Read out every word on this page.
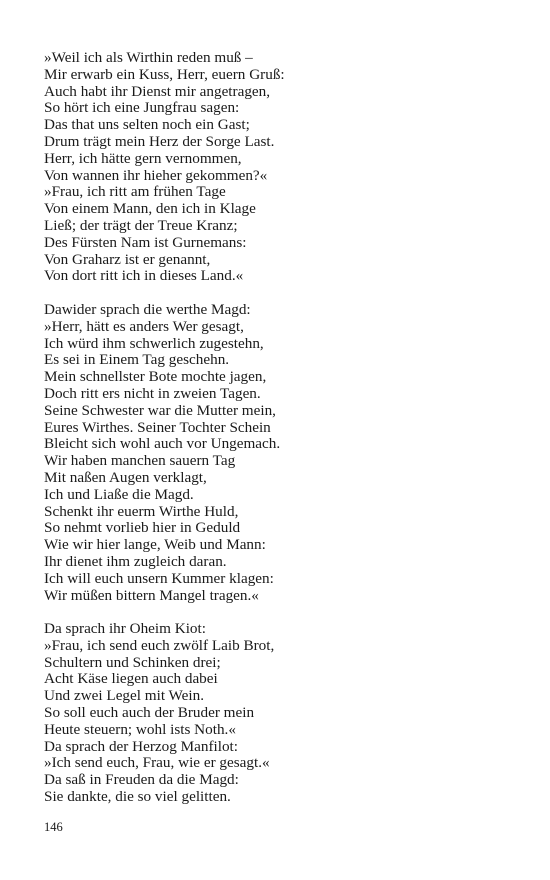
»Weil ich als Wirthin reden muß –
Mir erwarb ein Kuss, Herr, euern Gruß:
Auch habt ihr Dienst mir angetragen,
So hört ich eine Jungfrau sagen:
Das that uns selten noch ein Gast;
Drum trägt mein Herz der Sorge Last.
Herr, ich hätte gern vernommen,
Von wannen ihr hieher gekommen?«
»Frau, ich ritt am frühen Tage
Von einem Mann, den ich in Klage
Ließ; der trägt der Treue Kranz;
Des Fürsten Nam ist Gurnemans:
Von Graharz ist er genannt,
Von dort ritt ich in dieses Land.«
Dawider sprach die werthe Magd:
»Herr, hätt es anders Wer gesagt,
Ich würd ihm schwerlich zugestehn,
Es sei in Einem Tag geschehn.
Mein schnellster Bote mochte jagen,
Doch ritt ers nicht in zweien Tagen.
Seine Schwester war die Mutter mein,
Eures Wirthes. Seiner Tochter Schein
Bleicht sich wohl auch vor Ungemach.
Wir haben manchen sauern Tag
Mit naßen Augen verklagt,
Ich und Liaße die Magd.
Schenkt ihr euerm Wirthe Huld,
So nehmt vorlieb hier in Geduld
Wie wir hier lange, Weib und Mann:
Ihr dienet ihm zugleich daran.
Ich will euch unsern Kummer klagen:
Wir müßen bittern Mangel tragen.«
Da sprach ihr Oheim Kiot:
»Frau, ich send euch zwölf Laib Brot,
Schultern und Schinken drei;
Acht Käse liegen auch dabei
Und zwei Legel mit Wein.
So soll euch auch der Bruder mein
Heute steuern; wohl ists Noth.«
Da sprach der Herzog Manfilot:
»Ich send euch, Frau, wie er gesagt.«
Da saß in Freuden da die Magd:
Sie dankte, die so viel gelitten.
146
